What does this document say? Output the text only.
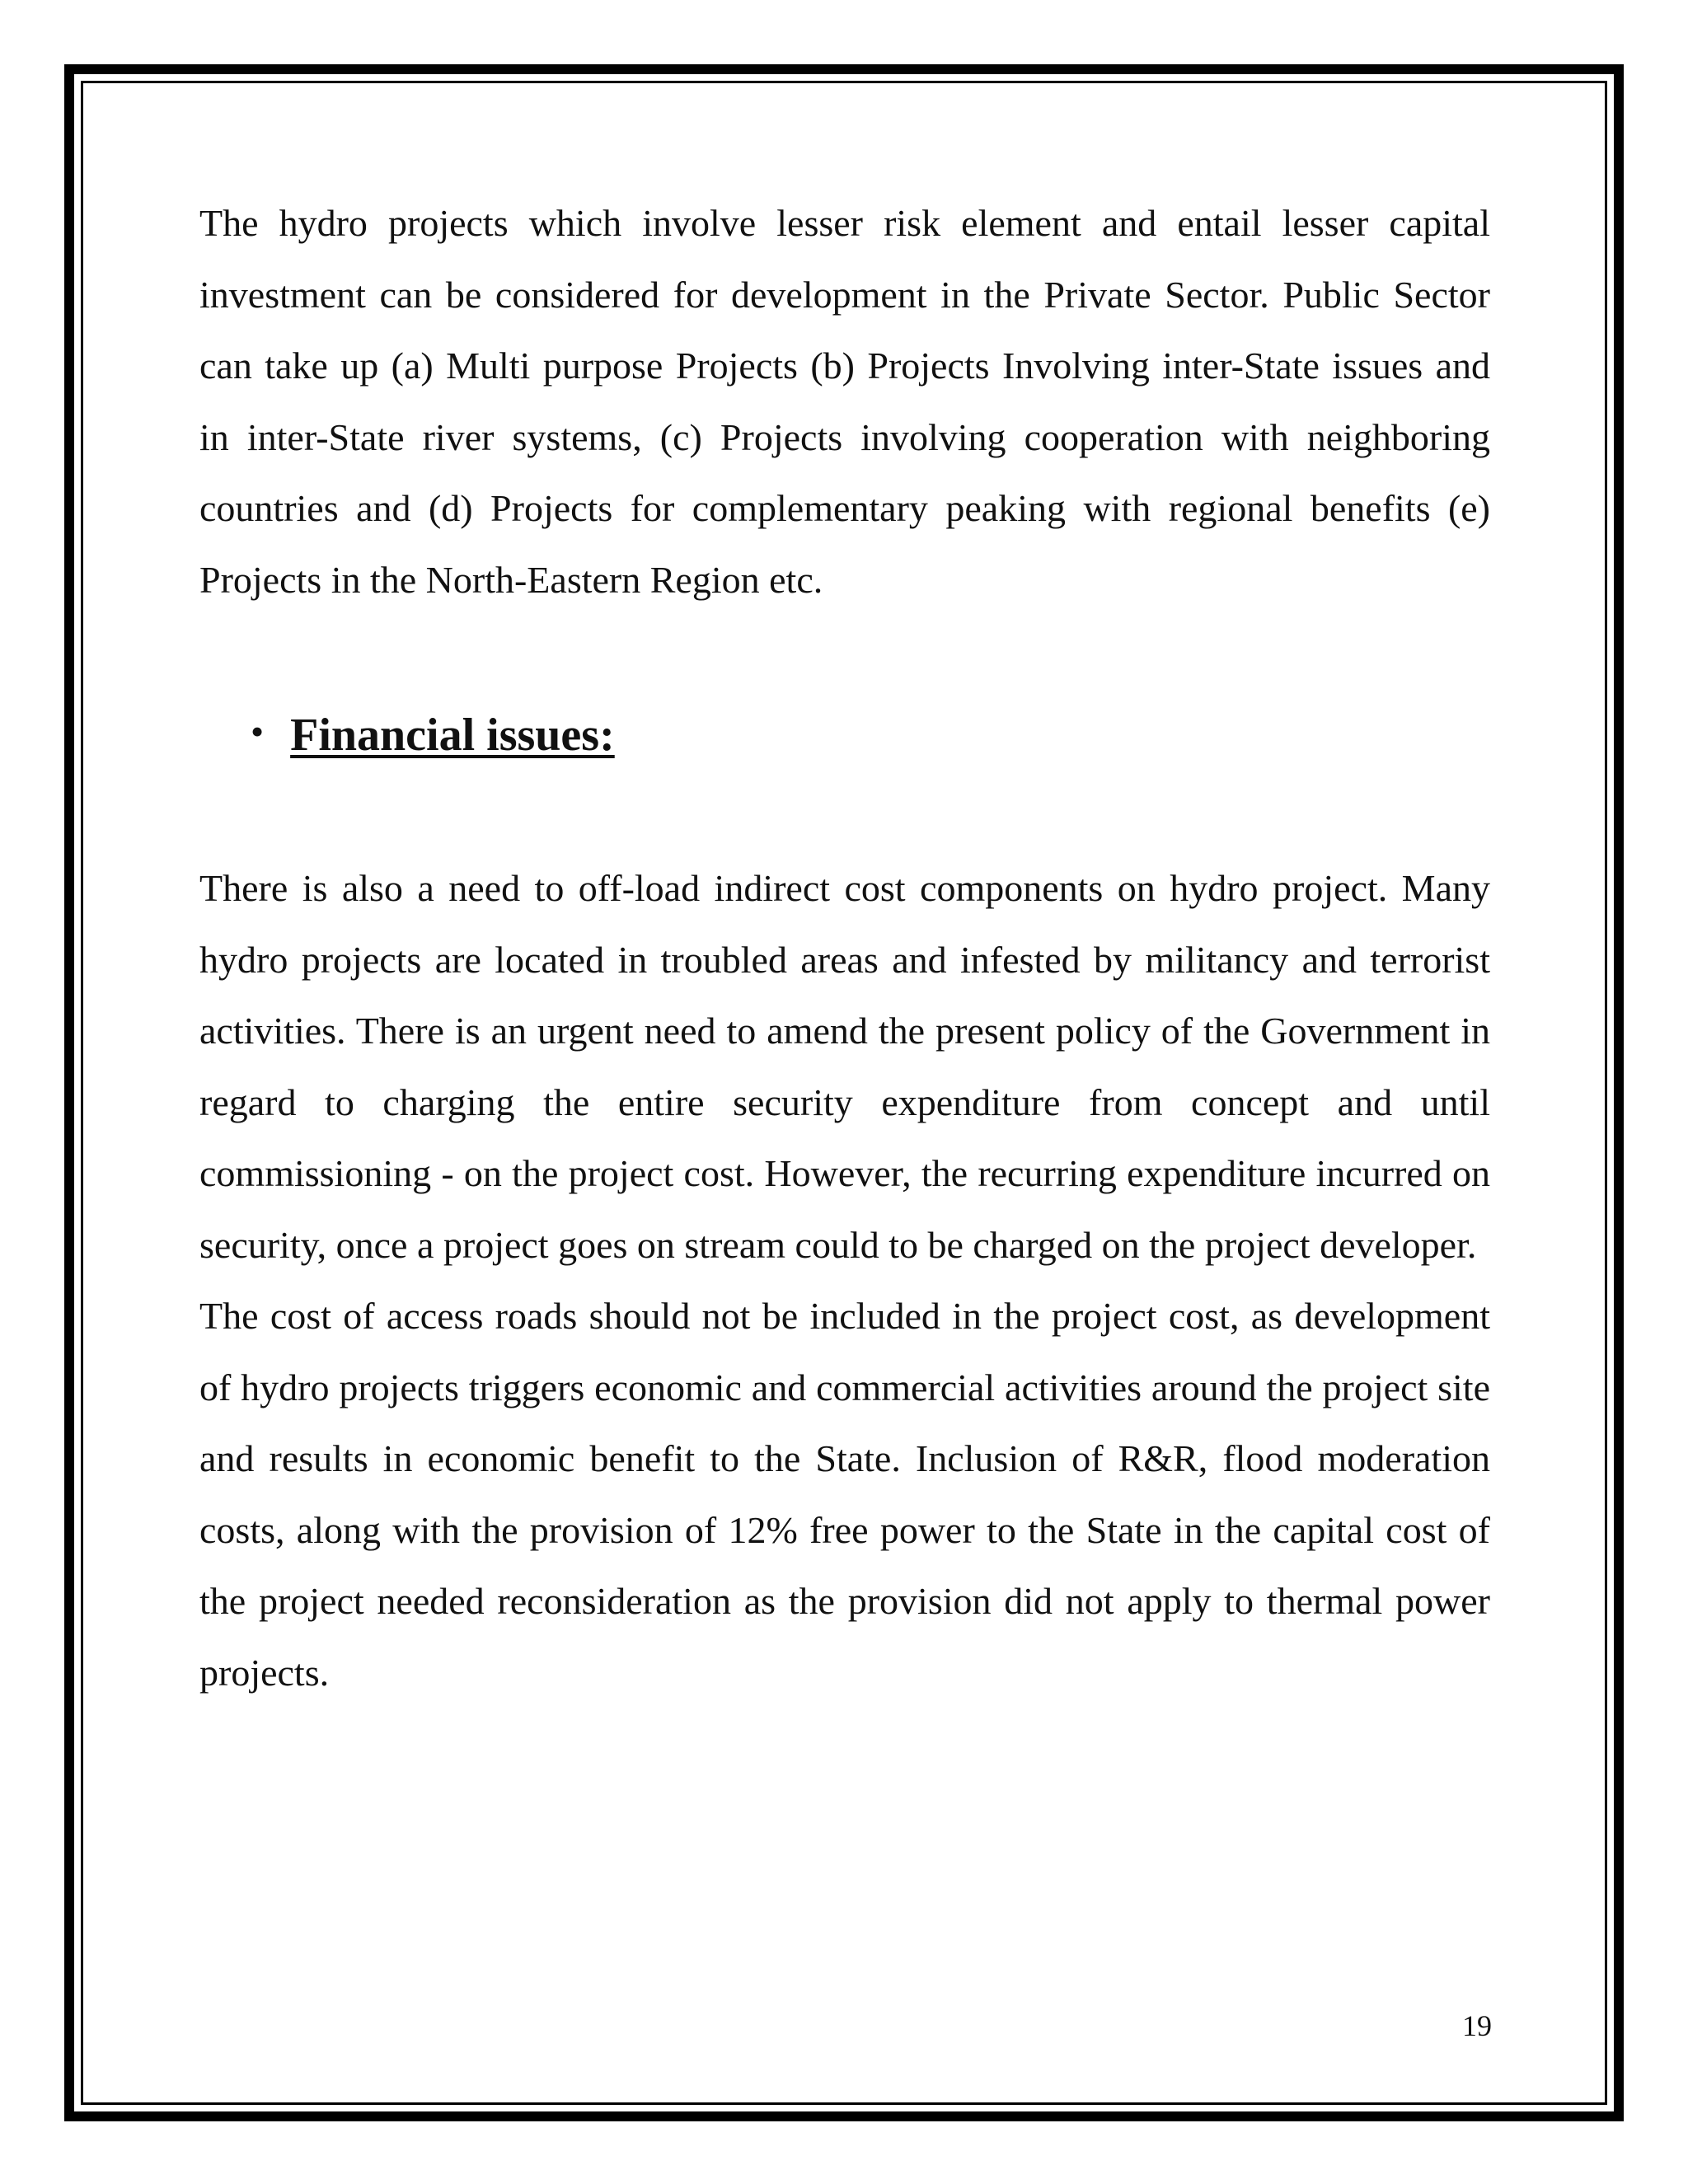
The hydro projects which involve lesser risk element and entail lesser capital investment can be considered for development in the Private Sector. Public Sector can take up (a) Multi purpose Projects (b) Projects Involving inter-State issues and in inter-State river systems, (c) Projects involving cooperation with neighboring countries and (d) Projects for complementary peaking with regional benefits (e) Projects in the North-Eastern Region etc.

• Financial issues:

There is also a need to off-load indirect cost components on hydro project. Many hydro projects are located in troubled areas and infested by militancy and terrorist activities. There is an urgent need to amend the present policy of the Government in regard to charging the entire security expenditure from concept and until commissioning - on the project cost. However, the recurring expenditure incurred on security, once a project goes on stream could to be charged on the project developer.

The cost of access roads should not be included in the project cost, as development of hydro projects triggers economic and commercial activities around the project site and results in economic benefit to the State. Inclusion of R&R, flood moderation costs, along with the provision of 12% free power to the State in the capital cost of the project needed reconsideration as the provision did not apply to thermal power projects.

19
